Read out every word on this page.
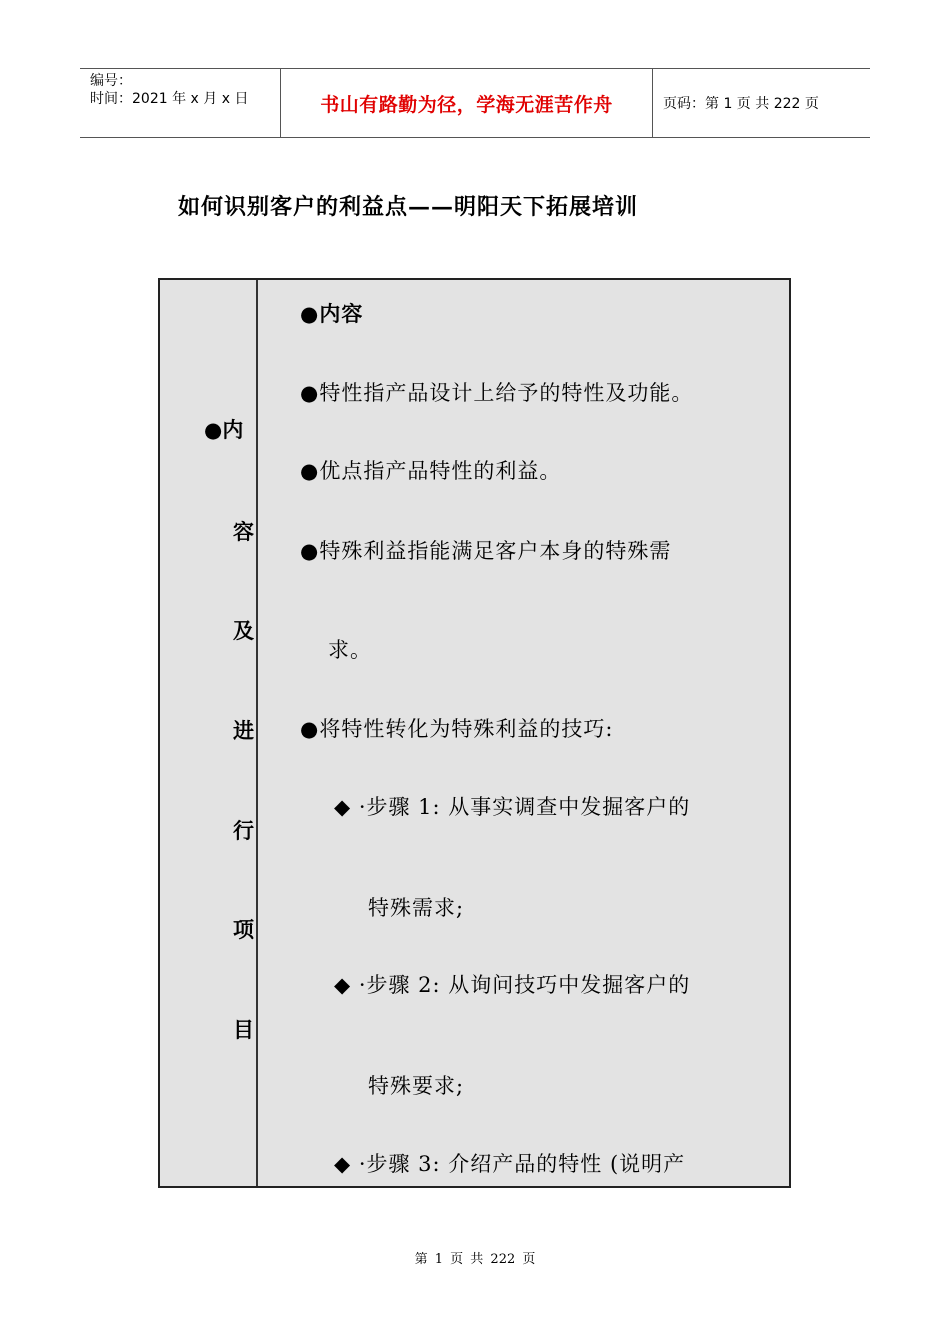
编号：
时间：2021 年 x 月 x 日	书山有路勤为径，学海无涯苦作舟	页码：第 1 页 共 222 页
如何识别客户的利益点——明阳天下拓展培训
●内
容
及
进
行
项
目
●内容
●特性指产品设计上给予的特性及功能。
●优点指产品特性的利益。
●特殊利益指能满足客户本身的特殊需
求。
●将特性转化为特殊利益的技巧:
◆ ·步骤 1: 从事实调查中发掘客户的
特殊需求;
◆ ·步骤 2: 从询问技巧中发掘客户的
特殊要求;
◆ ·步骤 3: 介绍产品的特性 (说明产
第 1 页 共 222 页
